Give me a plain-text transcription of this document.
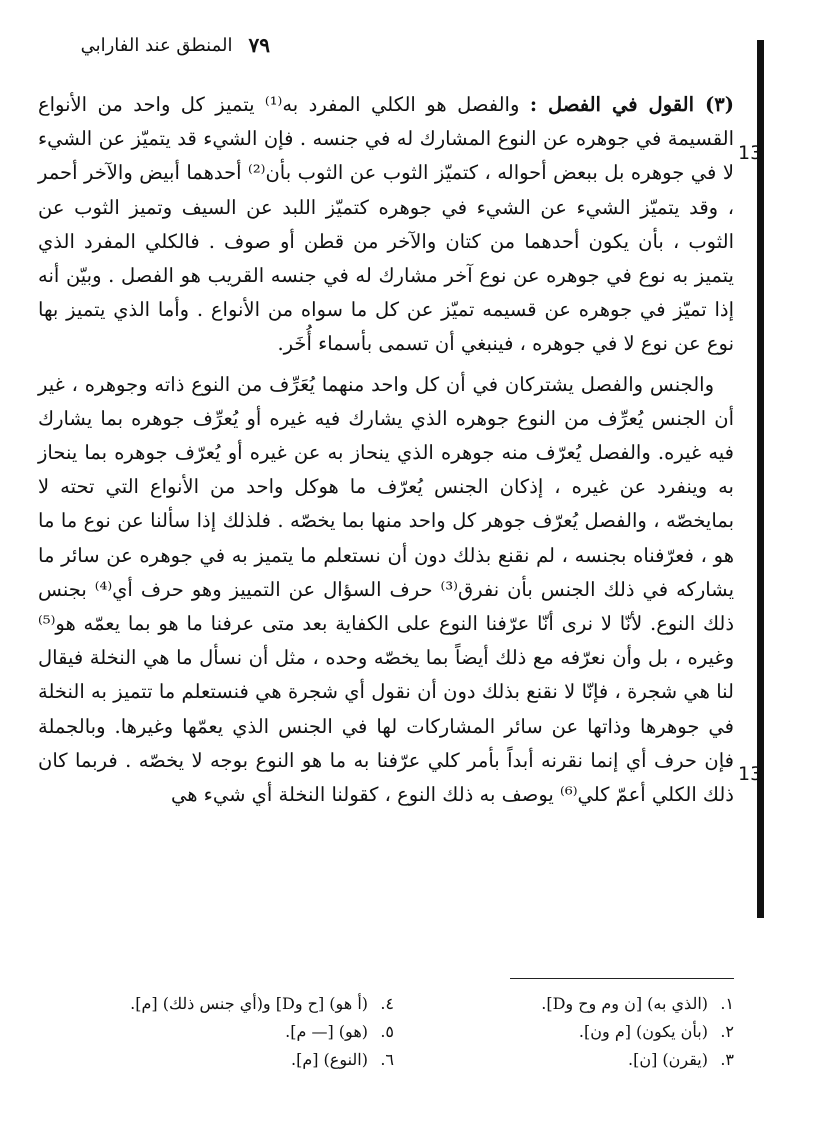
٧٩
المنطق عند الفارابي
13
13

(٣) القول في الفصل : والفصل هو الكلي المفرد به⁽¹⁾ يتميز كل واحد من الأنواع القسيمة في جوهره عن النوع المشارك له في جنسه . فإن الشيء قد يتميّز عن الشيء لا في جوهره بل ببعض أحواله ، كتميّز الثوب عن الثوب بأن⁽²⁾ أحدهما أبيض والآخر أحمر ، وقد يتميّز الشيء عن الشيء في جوهره كتميّز اللبد عن السيف وتميز الثوب عن الثوب ، بأن يكون أحدهما من كتان والآخر من قطن أو صوف . فالكلي المفرد الذي يتميز به نوع في جوهره عن نوع آخر مشارك له في جنسه القريب هو الفصل . وبيّن أنه إذا تميّز في جوهره عن قسيمه تميّز عن كل ما سواه من الأنواع . وأما الذي يتميز بها نوع عن نوع لا في جوهره ، فينبغي أن تسمى بأسماء أُخَر.

والجنس والفصل يشتركان في أن كل واحد منهما يُعَرِّف من النوع ذاته وجوهره ، غير أن الجنس يُعرِّف من النوع جوهره الذي يشارك فيه غيره أو يُعرِّف جوهره بما يشارك فيه غيره. والفصل يُعرّف منه جوهره الذي ينحاز به عن غيره أو يُعرّف جوهره بما ينحاز به وينفرد عن غيره ، إذكان الجنس يُعرّف ما هوكل واحد من الأنواع التي تحته لا بمايخصّه ، والفصل يُعرّف جوهر كل واحد منها بما يخصّه . فلذلك إذا سألنا عن نوع ما ما هو ، فعرّفناه بجنسه ، لم نقنع بذلك دون أن نستعلم ما يتميز به في جوهره عن سائر ما يشاركه في ذلك الجنس بأن نفرق⁽³⁾ حرف السؤال عن التمييز وهو حرف أي⁽⁴⁾ بجنس ذلك النوع. لأنّا لا نرى أنّا عرّفنا النوع على الكفاية بعد متى عرفنا ما هو بما يعمّه هو⁽⁵⁾ وغيره ، بل وأن نعرّفه مع ذلك أيضاً بما يخصّه وحده ، مثل أن نسأل ما هي النخلة فيقال لنا هي شجرة ، فإنّا لا نقنع بذلك دون أن نقول أي شجرة هي فنستعلم ما تتميز به النخلة في جوهرها وذاتها عن سائر المشاركات لها في الجنس الذي يعمّها وغيرها. وبالجملة فإن حرف أي إنما نقرنه أبداً بأمر كلي عرّفنا به ما هو النوع بوجه لا يخصّه . فربما كان ذلك الكلي أعمّ كلي⁽⁶⁾ يوصف به ذلك النوع ، كقولنا النخلة أي شيء هي

١.(الذي به) [ن وم وح وD].
٢.(بأن يكون) [م ون].
٣.(يقرن) [ن].
٤.(أ هو) [ح وD] و(أي جنس ذلك) [م].
٥.(هو) [— م].
٦.(النوع) [م].
